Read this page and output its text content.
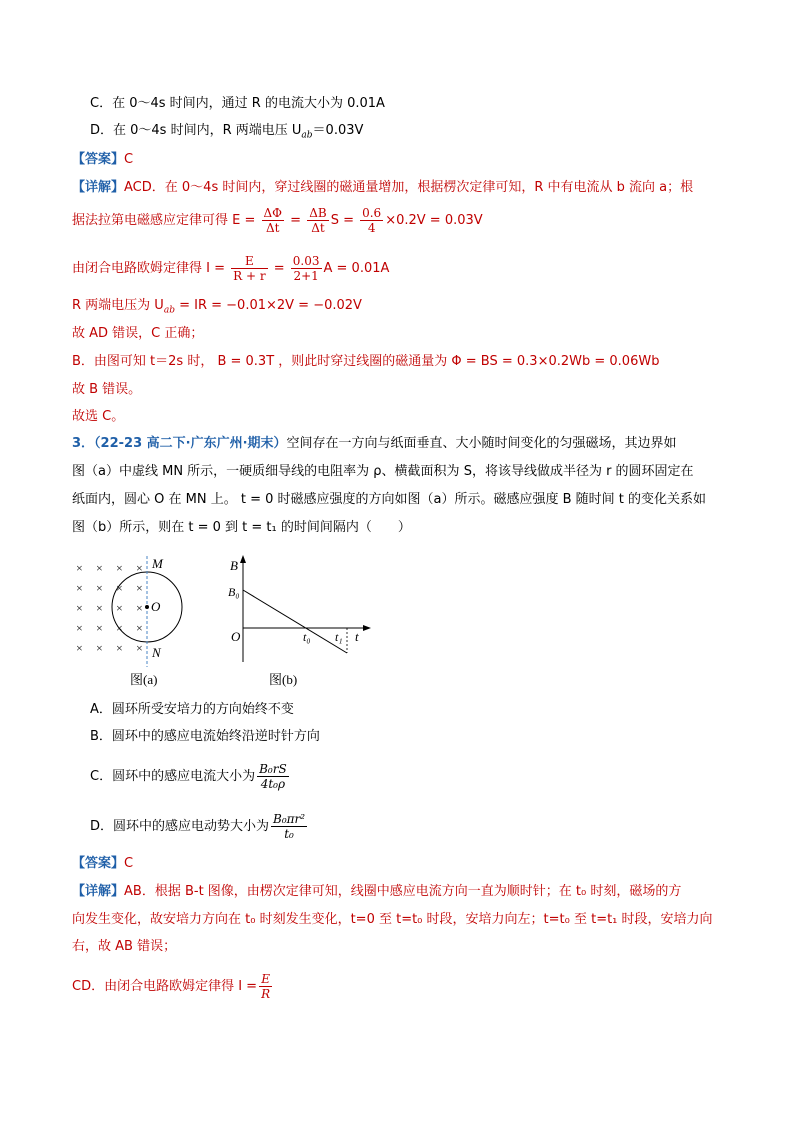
C．在 0～4s 时间内，通过 R 的电流大小为 0.01A
D．在 0～4s 时间内，R 两端电压 $U_{ab}=0.03V$
【答案】C
【详解】ACD．在 0～4s 时间内，穿过线圈的磁通量增加，根据楞次定律可知，R 中有电流从 b 流向 a；根
据法拉第电磁感应定律可得 $E = \frac{\Delta\Phi}{\Delta t} = \frac{\Delta B}{\Delta t}$ $S = \frac{0.6}{4} \times 0.2V = 0.03V$
由闭合电路欧姆定律得 $I = \frac{E}{R + r} = \frac{0.03}{2+1}$ A = 0.01A
R 两端电压为 $U_{ab}$ = IR = −0.01×2V = −0.02V
故 AD 错误，C 正确；
B．由图可知 t＝2s 时， B = 0.3T ，则此时穿过线圈的磁通量为 Φ = BS = 0.3×0.2Wb = 0.06Wb
故 B 错误。
故选 C。
3．（22-23 高二下·广东广州·期末）空间存在一方向与纸面垂直、大小随时间变化的匀强磁场，其边界如
图（a）中虚线 MN 所示，一硬质细导线的电阻率为 ρ、横截面积为 S，将该导线做成半径为 r 的圆环固定在
纸面内，圆心 O 在 MN 上。 t = 0 时磁感应强度的方向如图（a）所示。磁感应强度 B 随时间 t 的变化关系如
图（b）所示，则在 t = 0 到 t = t₁ 的时间间隔内（　　）
× × × ×
× × × ×
× × × ×
× × × ×
× × × ×
M
O
N
图(a)
B
B₀
O	t₀ t₁ t
图(b)
A．圆环所受安培力的方向始终不变
B．圆环中的感应电流始终沿逆时针方向
C．圆环中的感应电流大小为 $\frac{\text{B₀rS}}{\text{4t₀ρ}}$
D．圆环中的感应电动势大小为 $\frac{\text{B₀πr²}}{\text{t₀}}$
【答案】C
【详解】AB．根据 B-t 图像，由楞次定律可知，线圈中感应电流方向一直为顺时针；在 t₀ 时刻，磁场的方
向发生变化，故安培力方向在 t₀ 时刻发生变化，t=0 至 t=t₀ 时段，安培力向左；t=t₀ 至 t=t₁ 时段，安培力向
右，故 AB 错误；
CD．由闭合电路欧姆定律得 $I = \frac{E}{R}$
